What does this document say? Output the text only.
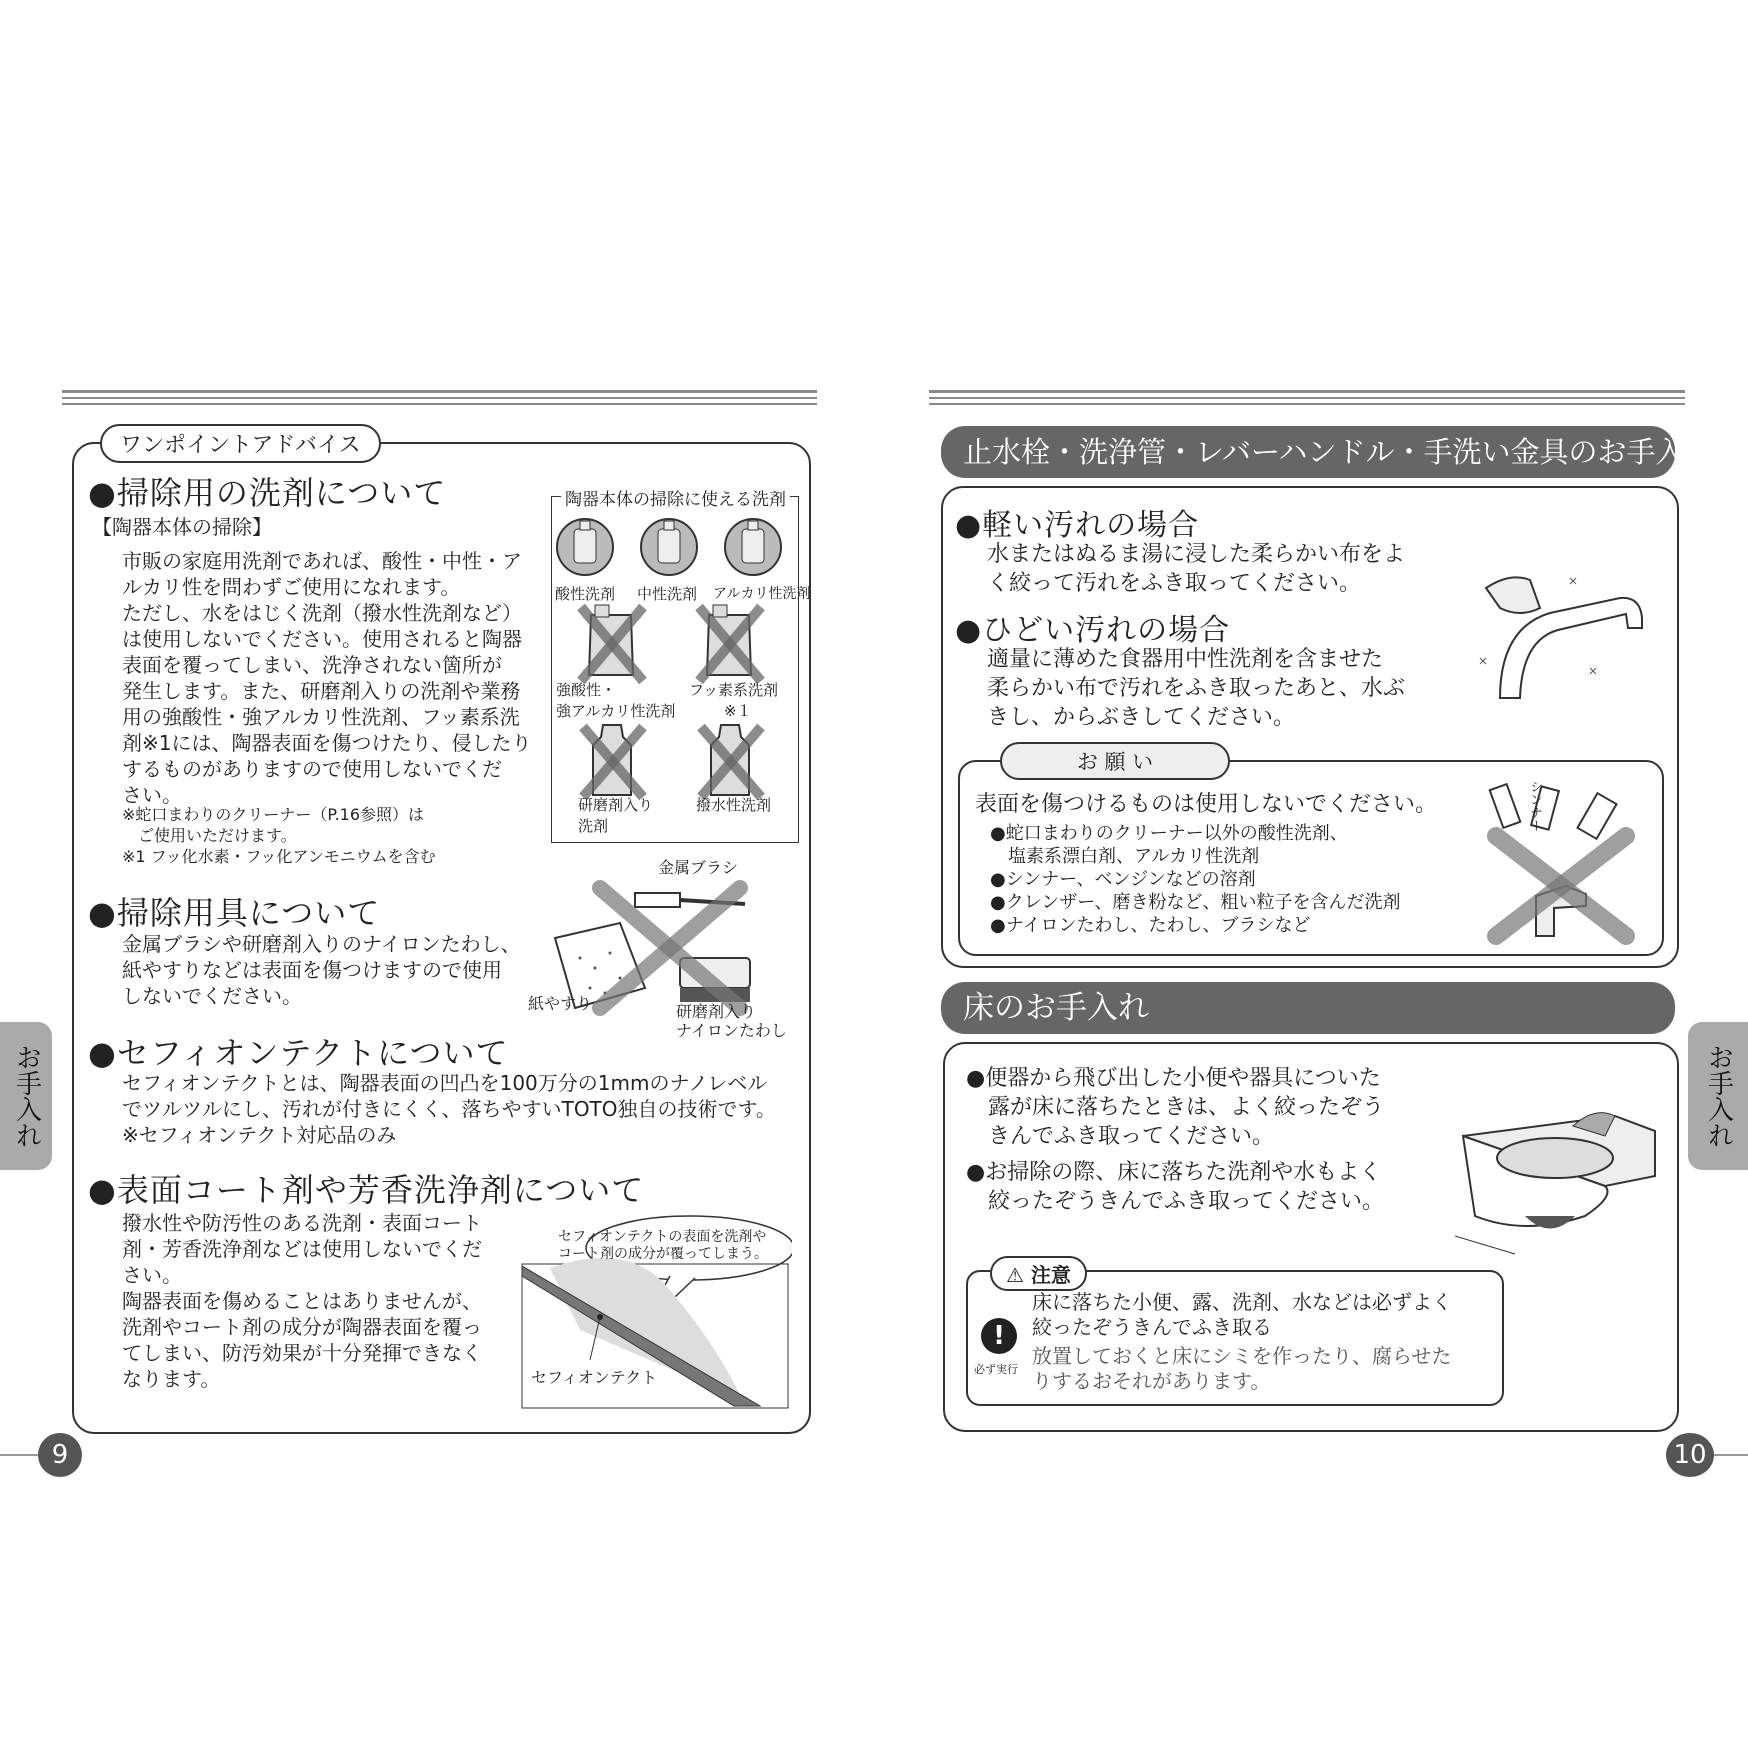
ワンポイントアドバイス
●掃除用の洗剤について
【陶器本体の掃除】
市販の家庭用洗剤であれば、酸性・中性・ア
ルカリ性を問わずご使用になれます。
ただし、水をはじく洗剤（撥水性洗剤など）
は使用しないでください。使用されると陶器
表面を覆ってしまい、洗浄されない箇所が
発生します。また、研磨剤入りの洗剤や業務
用の強酸性・強アルカリ性洗剤、フッ素系洗
剤※1には、陶器表面を傷つけたり、侵したり
するものがありますので使用しないでくだ
さい。
※蛇口まわりのクリーナー（P.16参照）は
　ご使用いただけます。
※1 フッ化水素・フッ化アンモニウムを含む
陶器本体の掃除に使える洗剤
酸性洗剤 中性洗剤 アルカリ性洗剤
強酸性・
強アルカリ性洗剤
フッ素系洗剤
※１
研磨剤入り
洗剤
撥水性洗剤
●掃除用具について
金属ブラシや研磨剤入りのナイロンたわし、
紙やすりなどは表面を傷つけますので使用
しないでください。
金属ブラシ
紙やすり	研磨剤入り
ナイロンたわし
●セフィオンテクトについて
セフィオンテクトとは、陶器表面の凹凸を100万分の1mmのナノレベル
でツルツルにし、汚れが付きにくく、落ちやすいTOTO独自の技術です。
※セフィオンテクト対応品のみ
●表面コート剤や芳香洗浄剤について
撥水性や防汚性のある洗剤・表面コート
剤・芳香洗浄剤などは使用しないでくだ
さい。
陶器表面を傷めることはありませんが、
洗剤やコート剤の成分が陶器表面を覆っ
てしまい、防汚効果が十分発揮できなく
なります。
セフィオンテクトの表面を洗剤や
コート剤の成分が覆ってしまう。
セフィオンテクト
お手入れ
9
止水栓・洗浄管・レバーハンドル・手洗い金具のお手入れ
●軽い汚れの場合
水またはぬるま湯に浸した柔らかい布をよ
く絞って汚れをふき取ってください。
●ひどい汚れの場合
適量に薄めた食器用中性洗剤を含ませた
柔らかい布で汚れをふき取ったあと、水ぶ
きし、からぶきしてください。
お 願 い
表面を傷つけるものは使用しないでください。
●蛇口まわりのクリーナー以外の酸性洗剤、
　塩素系漂白剤、アルカリ性洗剤
●シンナー、ベンジンなどの溶剤
●クレンザー、磨き粉など、粗い粒子を含んだ洗剤
●ナイロンたわし、たわし、ブラシなど
シンナー
床のお手入れ
●便器から飛び出した小便や器具についた
　露が床に落ちたときは、よく絞ったぞう
　きんでふき取ってください。
●お掃除の際、床に落ちた洗剤や水もよく
　絞ったぞうきんでふき取ってください。
⚠ 注意
!
必ず実行
床に落ちた小便、露、洗剤、水などは必ずよく
絞ったぞうきんでふき取る
放置しておくと床にシミを作ったり、腐らせた
りするおそれがあります。
お手入れ
10
